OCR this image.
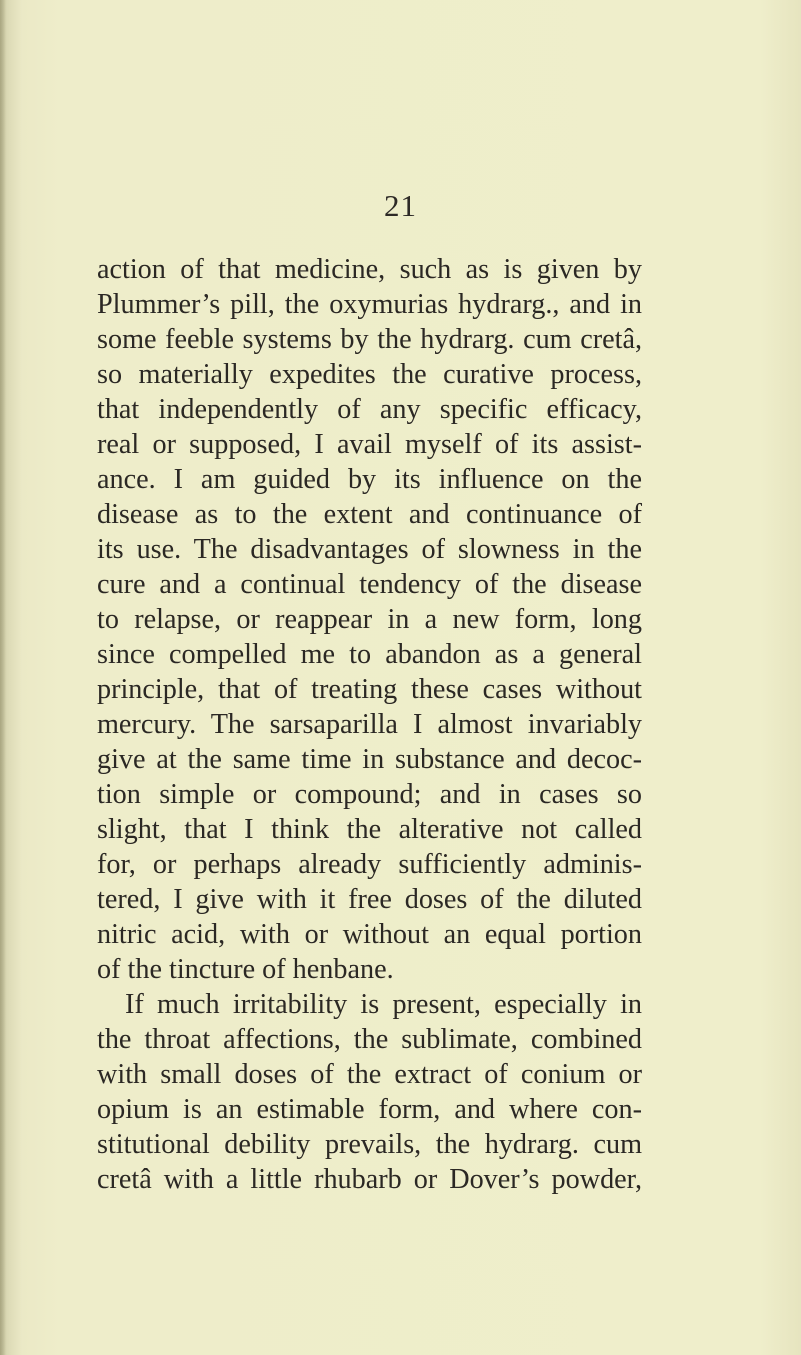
21
action of that medicine, such as is given by
Plummer’s pill, the oxymurias hydrarg., and in
some feeble systems by the hydrarg. cum cretâ,
so materially expedites the curative process,
that independently of any specific efficacy,
real or supposed, I avail myself of its assist-
ance. I am guided by its influence on the
disease as to the extent and continuance of
its use. The disadvantages of slowness in the
cure and a continual tendency of the disease
to relapse, or reappear in a new form, long
since compelled me to abandon as a general
principle, that of treating these cases without
mercury. The sarsaparilla I almost invariably
give at the same time in substance and decoc-
tion simple or compound; and in cases so
slight, that I think the alterative not called
for, or perhaps already sufficiently adminis-
tered, I give with it free doses of the diluted
nitric acid, with or without an equal portion
of the tincture of henbane.
If much irritability is present, especially in
the throat affections, the sublimate, combined
with small doses of the extract of conium or
opium is an estimable form, and where con-
stitutional debility prevails, the hydrarg. cum
cretâ with a little rhubarb or Dover’s powder,
